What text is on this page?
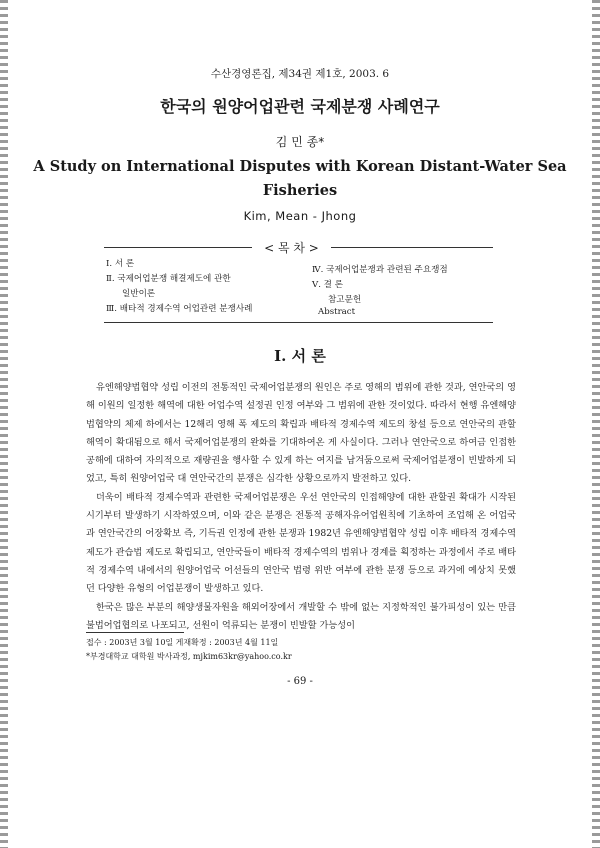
수산경영론집, 제34권 제1호, 2003. 6
한국의 원양어업관련 국제분쟁 사례연구
김 민 종*
A Study on International Disputes with Korean Distant-Water Sea Fisheries
Kim, Mean - Jhong
< 목 차 >
Ⅰ. 서 론
Ⅱ. 국제어업분쟁 해결제도에 관한
일반이론
Ⅲ. 배타적 경제수역 어업관련 분쟁사례
Ⅳ. 국제어업분쟁과 관련된 주요쟁점
Ⅴ. 결 론
참고문헌
Abstract
Ⅰ. 서 론

유엔해양법협약 성립 이전의 전통적인 국제어업분쟁의 원인은 주로 영해의 범위에 관한 것과, 연안국의 영해 이원의 일정한 해역에 대한 어업수역 설정권 인정 여부와 그 범위에 관한 것이었다. 따라서 현행 유엔해양법협약의 체제 하에서는 12해리 영해 폭 제도의 확립과 배타적 경제수역 제도의 창설 등으로 연안국의 관할 해역이 확대됨으로 해서 국제어업분쟁의 완화를 기대하여온 게 사실이다. 그러나 연안국으로 하여금 인접한 공해에 대하여 자의적으로 재량권을 행사할 수 있게 하는 여지를 남겨둠으로써 국제어업분쟁이 빈발하게 되었고, 특히 원양어업국 대 연안국간의 분쟁은 심각한 상황으로까지 발전하고 있다.

더욱이 배타적 경제수역과 관련한 국제어업분쟁은 우선 연안국의 인접해양에 대한 관할권 확대가 시작된 시기부터 발생하기 시작하였으며, 이와 같은 분쟁은 전통적 공해자유어업원칙에 기초하여 조업해 온 어업국과 연안국간의 어장확보 즉, 기득권 인정에 관한 분쟁과 1982년 유엔해양법협약 성립 이후 배타적 경제수역 제도가 관습법 제도로 확립되고, 연안국들이 배타적 경제수역의 범위나 경계를 획정하는 과정에서 주로 배타적 경제수역 내에서의 원양어업국 어선들의 연안국 법령 위반 여부에 관한 분쟁 등으로 과거에 예상치 못했던 다양한 유형의 어업분쟁이 발생하고 있다.

한국은 많은 부분의 해양생물자원을 해외어장에서 개발할 수 밖에 없는 지정학적인 불가피성이 있는 만큼 불법어업협의로 나포되고, 선원이 억류되는 분쟁이 빈발할 가능성이

접수 : 2003년 3월 10일 게재확정 : 2003년 4월 11일
*부경대학교 대학원 박사과정, mjkim63kr@yahoo.co.kr
- 69 -
